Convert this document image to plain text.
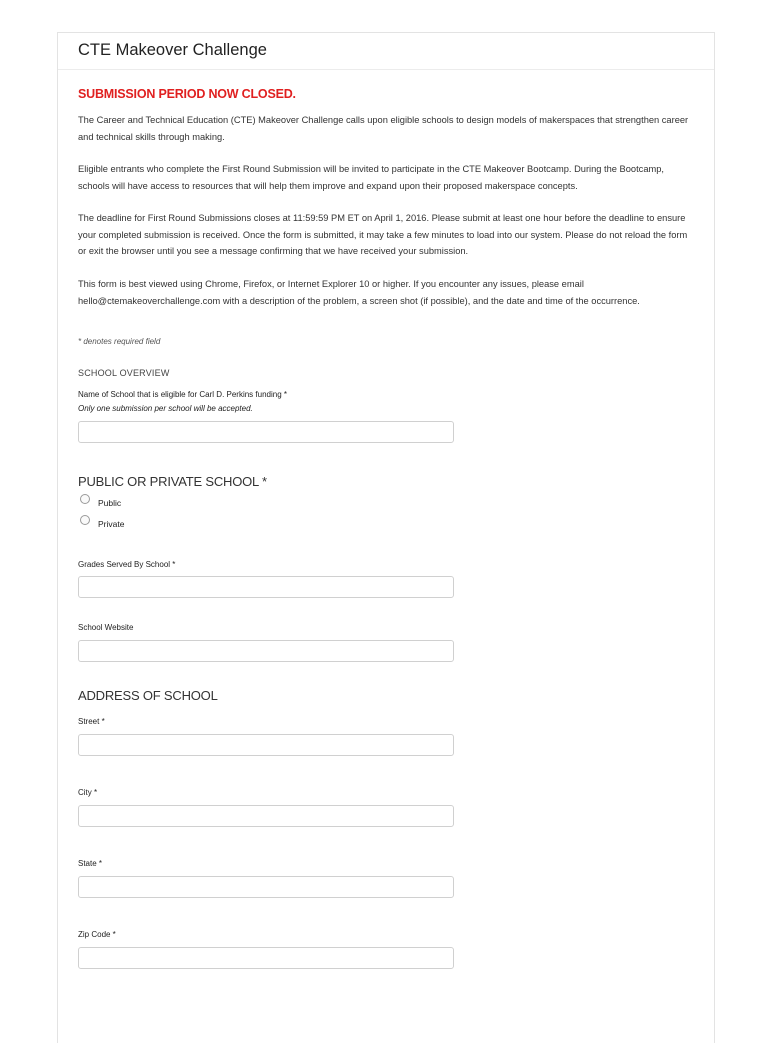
CTE Makeover Challenge
SUBMISSION PERIOD NOW CLOSED.
The Career and Technical Education (CTE) Makeover Challenge calls upon eligible schools to design models of makerspaces that strengthen career and technical skills through making.
Eligible entrants who complete the First Round Submission will be invited to participate in the CTE Makeover Bootcamp. During the Bootcamp, schools will have access to resources that will help them improve and expand upon their proposed makerspace concepts.
The deadline for First Round Submissions closes at 11:59:59 PM ET on April 1, 2016. Please submit at least one hour before the deadline to ensure your completed submission is received. Once the form is submitted, it may take a few minutes to load into our system. Please do not reload the form or exit the browser until you see a message confirming that we have received your submission.
This form is best viewed using Chrome, Firefox, or Internet Explorer 10 or higher. If you encounter any issues, please email hello@ctemakeoverchallenge.com with a description of the problem, a screen shot (if possible), and the date and time of the occurrence.
* denotes required field
SCHOOL OVERVIEW
Name of School that is eligible for Carl D. Perkins funding *
Only one submission per school will be accepted.
PUBLIC OR PRIVATE SCHOOL *
Public
Private
Grades Served By School *
School Website
ADDRESS OF SCHOOL
Street *
City *
State *
Zip Code *
